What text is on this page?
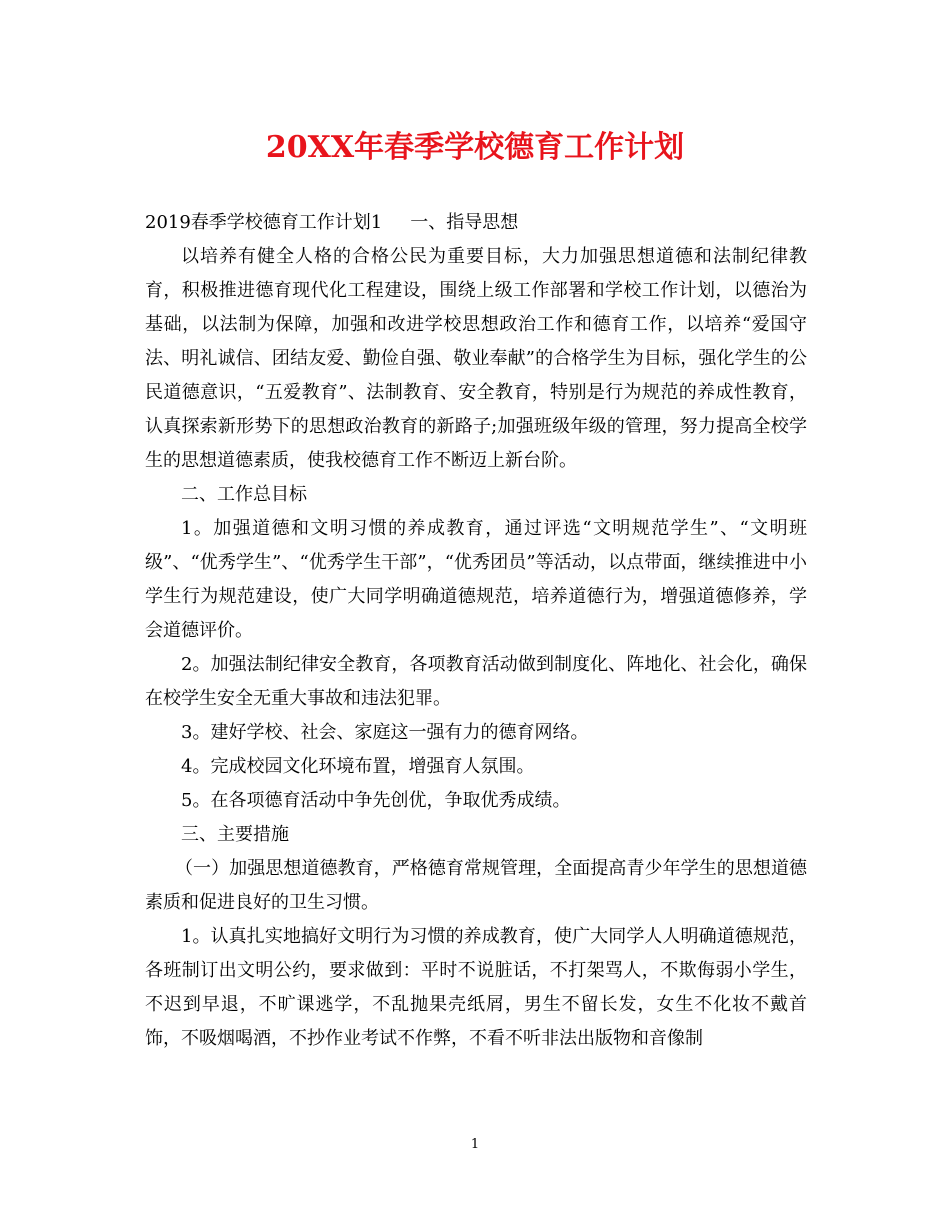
20XX年春季学校德育工作计划
2019春季学校德育工作计划1 一、指导思想

以培养有健全人格的合格公民为重要目标，大力加强思想道德和法制纪律教育，积极推进德育现代化工程建设，围绕上级工作部署和学校工作计划，以德治为基础，以法制为保障，加强和改进学校思想政治工作和德育工作，以培养“爱国守法、明礼诚信、团结友爱、勤俭自强、敬业奉献”的合格学生为目标，强化学生的公民道德意识，“五爱教育”、法制教育、安全教育，特别是行为规范的养成性教育，认真探索新形势下的思想政治教育的新路子;加强班级年级的管理，努力提高全校学生的思想道德素质，使我校德育工作不断迈上新台阶。

二、工作总目标

1。加强道德和文明习惯的养成教育，通过评选“文明规范学生”、“文明班级”、“优秀学生”、“优秀学生干部”，“优秀团员”等活动，以点带面，继续推进中小学生行为规范建设，使广大同学明确道德规范，培养道德行为，增强道德修养，学会道德评价。

2。加强法制纪律安全教育，各项教育活动做到制度化、阵地化、社会化，确保在校学生安全无重大事故和违法犯罪。

3。建好学校、社会、家庭这一强有力的德育网络。

4。完成校园文化环境布置，增强育人氛围。

5。在各项德育活动中争先创优，争取优秀成绩。

三、主要措施

（一）加强思想道德教育，严格德育常规管理，全面提高青少年学生的思想道德素质和促进良好的卫生习惯。

1。认真扎实地搞好文明行为习惯的养成教育，使广大同学人人明确道德规范，各班制订出文明公约，要求做到：平时不说脏话，不打架骂人，不欺侮弱小学生，不迟到早退，不旷课逃学，不乱抛果壳纸屑，男生不留长发，女生不化妆不戴首饰，不吸烟喝酒，不抄作业考试不作弊，不看不听非法出版物和音像制

1
